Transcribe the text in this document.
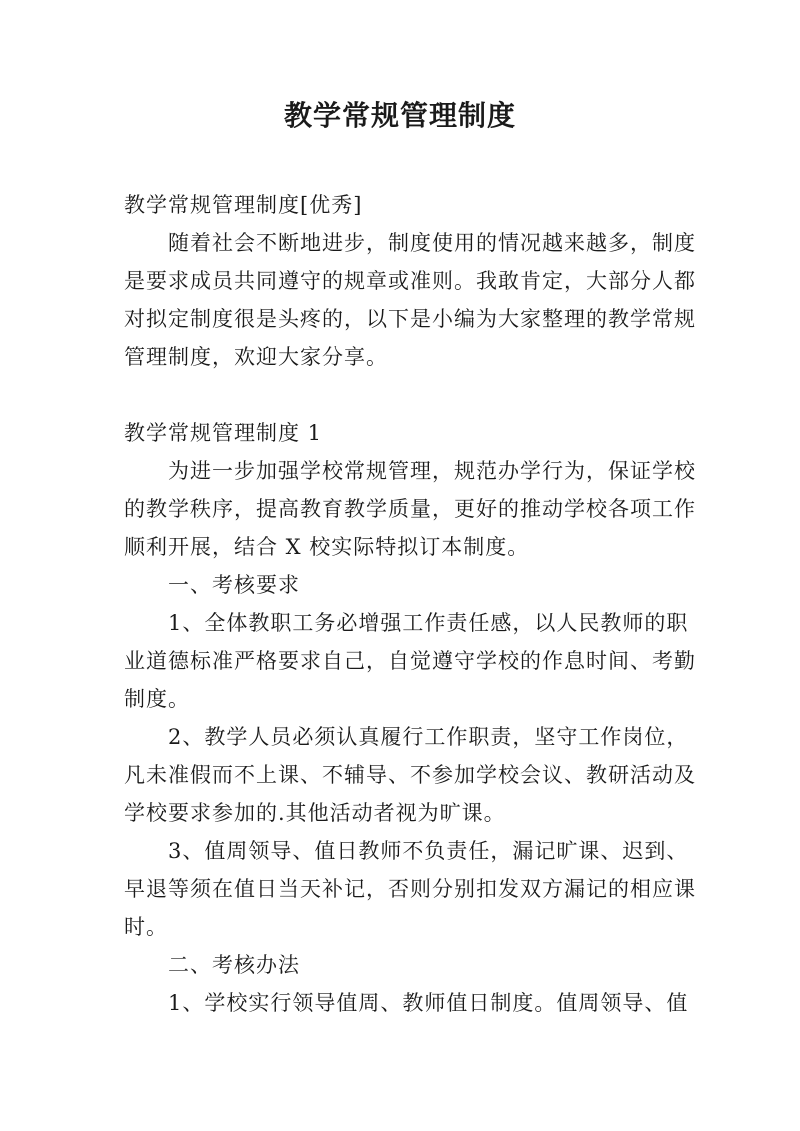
教学常规管理制度

教学常规管理制度[优秀]

随着社会不断地进步，制度使用的情况越来越多，制度

是要求成员共同遵守的规章或准则。我敢肯定，大部分人都

对拟定制度很是头疼的，以下是小编为大家整理的教学常规

管理制度，欢迎大家分享。

教学常规管理制度 1

为进一步加强学校常规管理，规范办学行为，保证学校

的教学秩序，提高教育教学质量，更好的推动学校各项工作

顺利开展，结合 X 校实际特拟订本制度。

一、考核要求

1、全体教职工务必增强工作责任感，以人民教师的职

业道德标准严格要求自己，自觉遵守学校的作息时间、考勤

制度。

2、教学人员必须认真履行工作职责，坚守工作岗位，

凡未准假而不上课、不辅导、不参加学校会议、教研活动及

学校要求参加的.其他活动者视为旷课。

3、值周领导、值日教师不负责任，漏记旷课、迟到、

早退等须在值日当天补记，否则分别扣发双方漏记的相应课

时。

二、考核办法

1、学校实行领导值周、教师值日制度。值周领导、值
